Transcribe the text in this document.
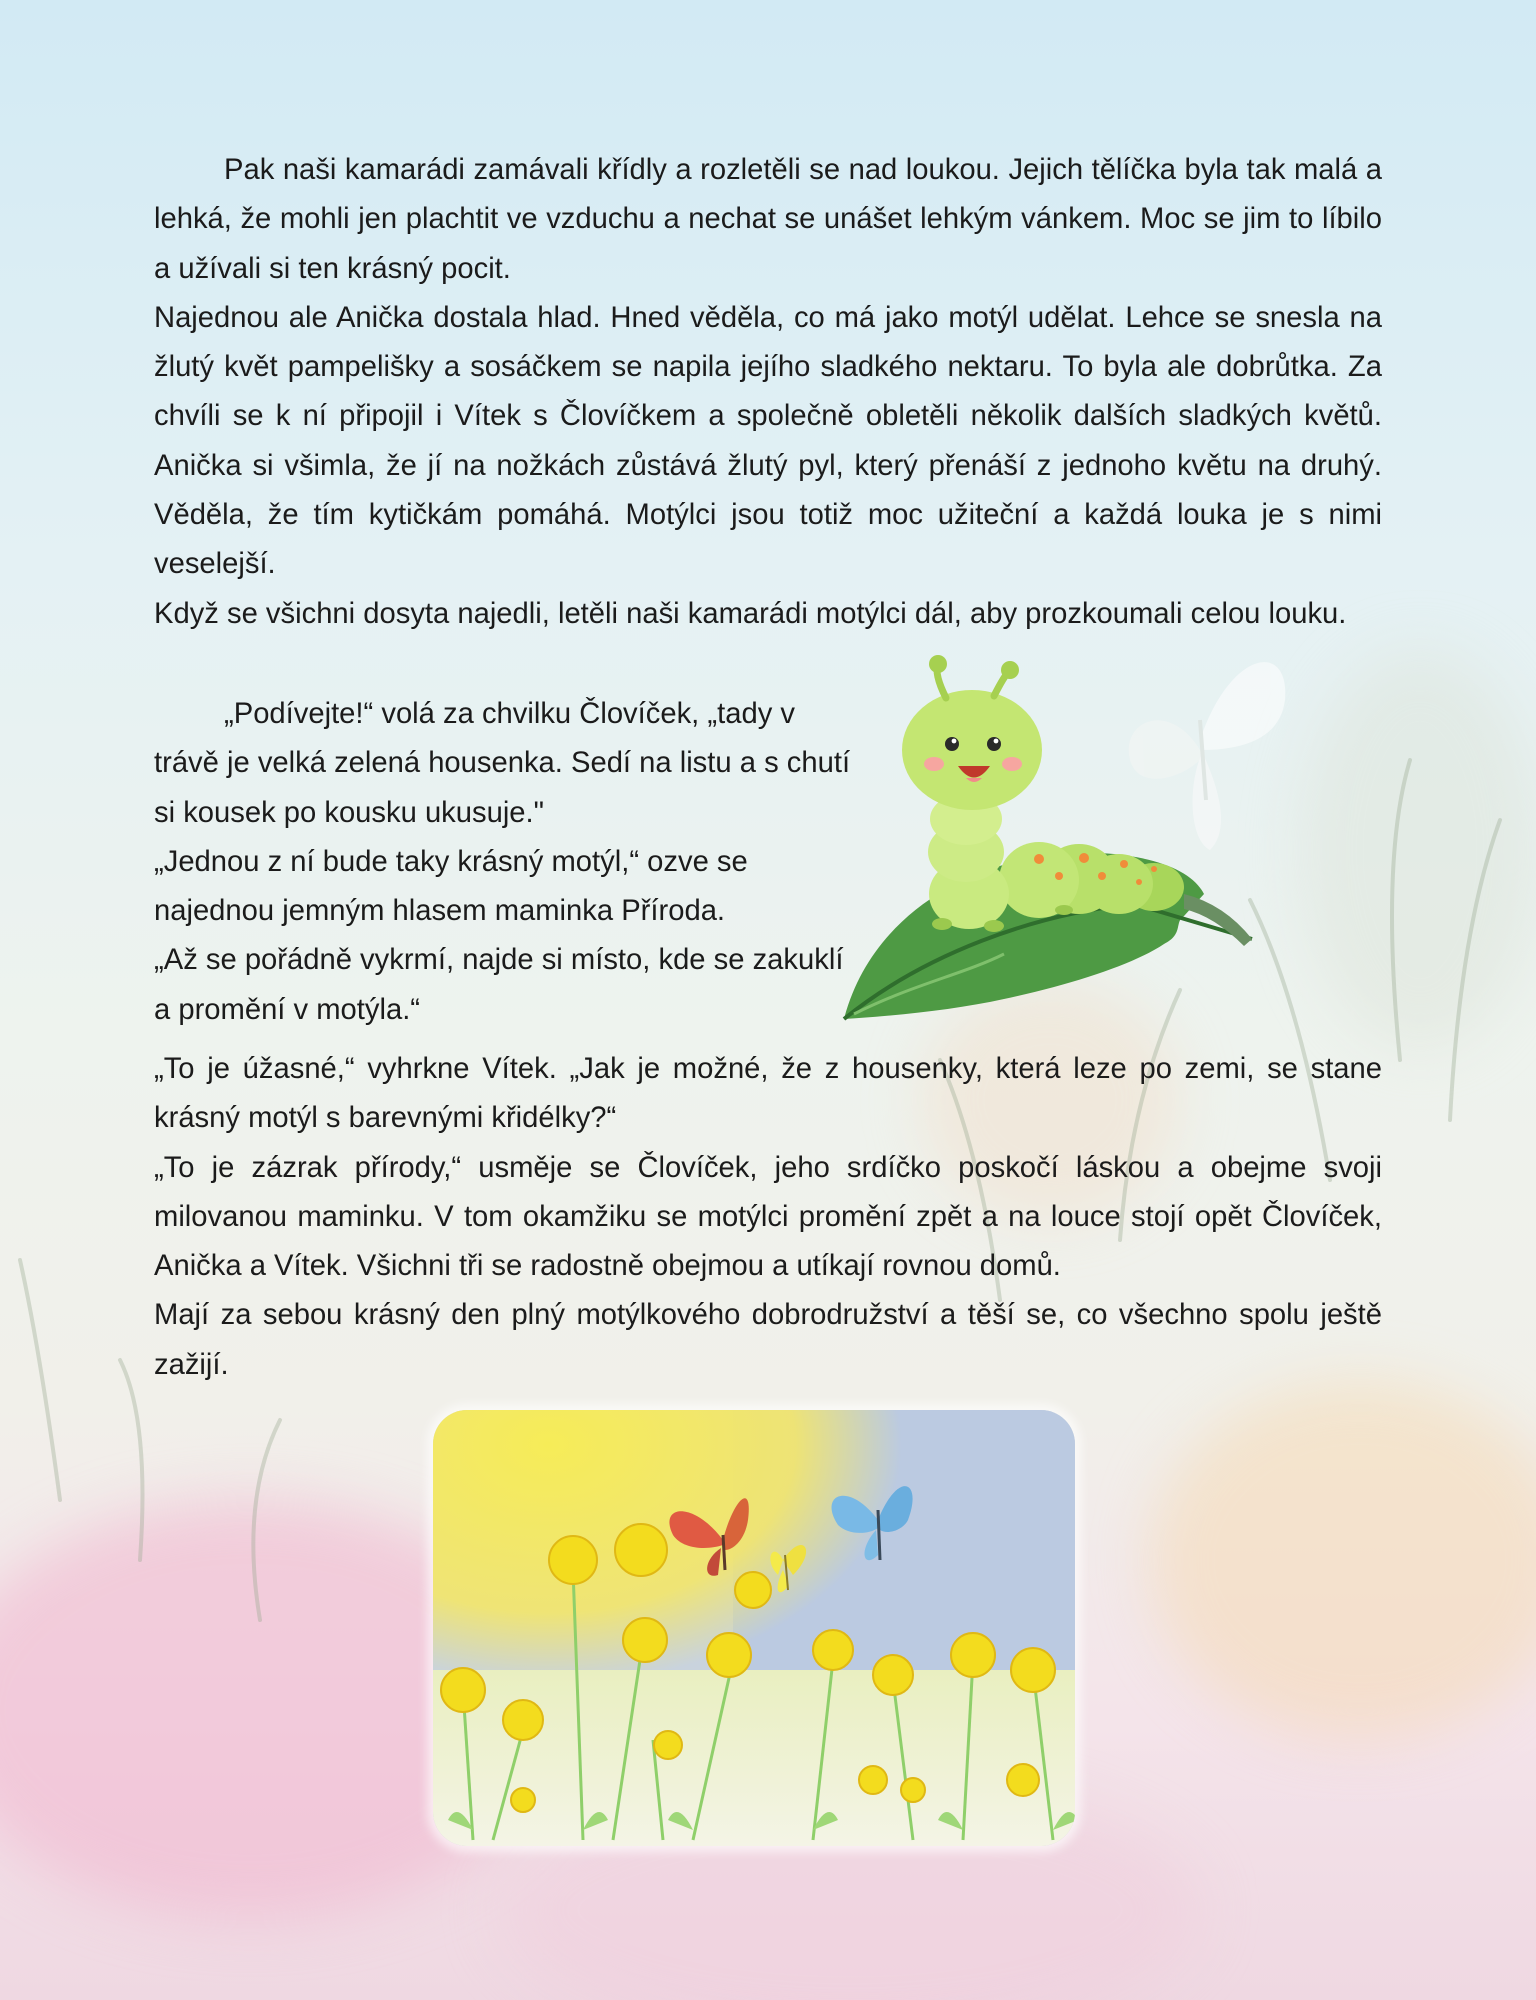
Pak naši kamarádi zamávali křídly a rozletěli se nad loukou. Jejich tělíčka byla tak malá a lehká, že mohli jen plachtit ve vzduchu a nechat se unášet lehkým vánkem. Moc se jim to líbilo a užívali si ten krásný pocit.

Najednou ale Anička dostala hlad. Hned věděla, co má jako motýl udělat. Lehce se snesla na žlutý květ pampelišky a sosáčkem se napila jejího sladkého nektaru. To byla ale dobrůtka. Za chvíli se k ní připojil i Vítek s Človíčkem a společně obletěli několik dalších sladkých květů. Anička si všimla, že jí na nožkách zůstává žlutý pyl, který přenáší z jednoho květu na druhý. Věděla, že tím kytičkám pomáhá. Motýlci jsou totiž moc užiteční a každá louka je s nimi veselejší.

Když se všichni dosyta najedli, letěli naši kamarádi motýlci dál, aby prozkoumali celou louku.

„Podívejte!“ volá za chvilku Človíček, „tady v trávě je velká zelená housenka. Sedí na listu a s chutí si kousek po kousku ukusuje."

„Jednou z ní bude taky krásný motýl,“ ozve se najednou jemným hlasem maminka Příroda.

„Až se pořádně vykrmí, najde si místo, kde se zakuklí a promění v motýla.“

„To je úžasné,“ vyhrkne Vítek. „Jak je možné, že z housenky, která leze po zemi, se stane krásný motýl s barevnými křidélky?“

„To je zázrak přírody,“ usměje se Človíček, jeho srdíčko poskočí láskou a obejme svoji milovanou maminku. V tom okamžiku se motýlci promění zpět a na louce stojí opět Človíček, Anička a Vítek. Všichni tři se radostně obejmou a utíkají rovnou domů.

Mají za sebou krásný den plný motýlkového dobrodružství a těší se, co všechno spolu ještě zažijí.
